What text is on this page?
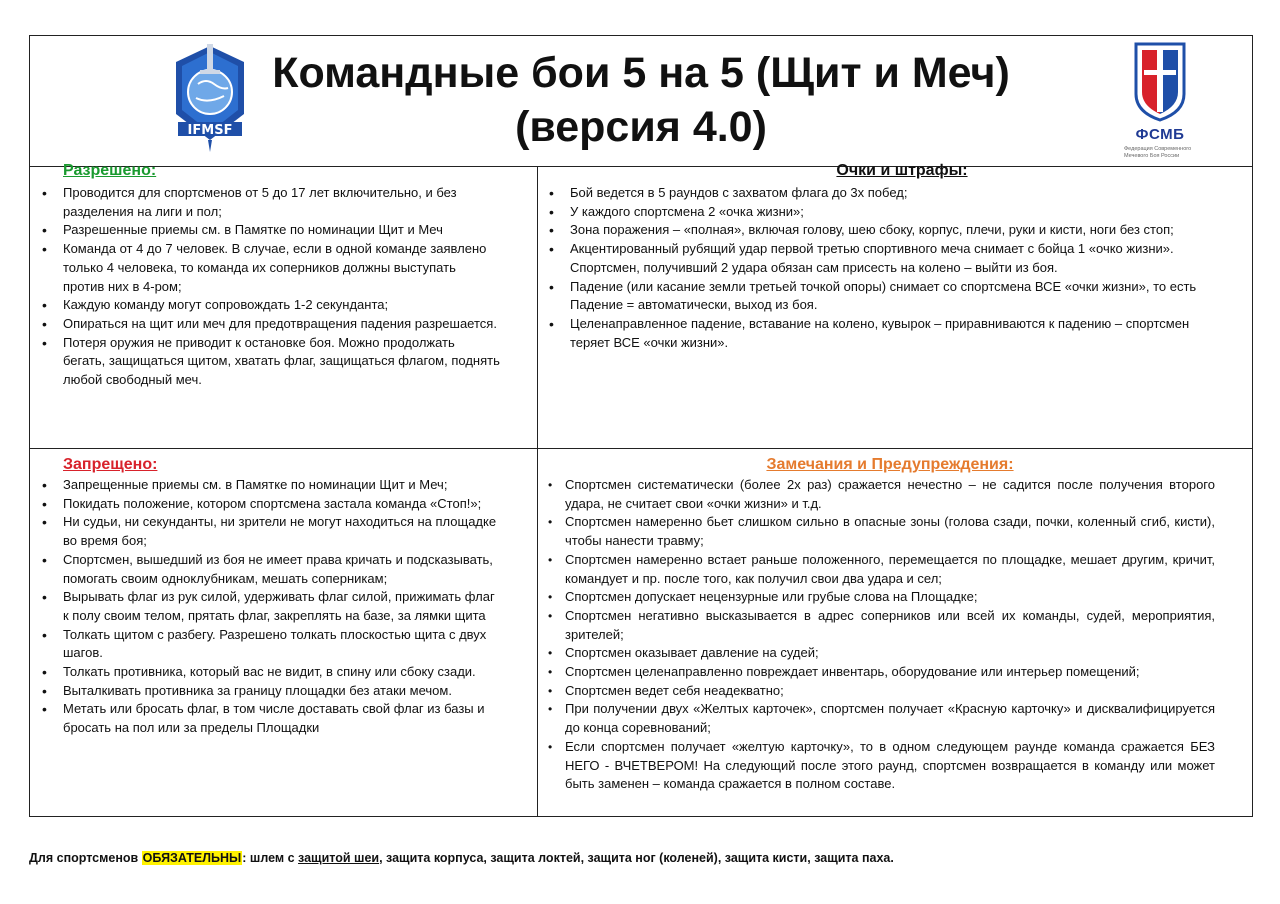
IFMSF
Командные бои 5 на 5 (Щит и Меч)
(версия 4.0)	ФСМБ
Федерация Современного Мечевого Боя России
Разрешено:
• Проводится для спортсменов от 5 до 17 лет включительно, и без разделения на лиги и пол;
• Разрешенные приемы см. в Памятке по номинации Щит и Меч
• Команда от 4 до 7 человек. В случае, если в одной команде заявлено только 4 человека, то команда их соперников должны выступать против них в 4-ром;
• Каждую команду могут сопровождать 1-2 секунданта;
• Опираться на щит или меч для предотвращения падения разрешается.
• Потеря оружия не приводит к остановке боя. Можно продолжать бегать, защищаться щитом, хватать флаг, защищаться флагом, поднять любой свободный меч.
Очки и штрафы:
• Бой ведется в 5 раундов с захватом флага до 3х побед;
• У каждого спортсмена 2 «очка жизни»;
• Зона поражения – «полная», включая голову, шею сбоку, корпус, плечи, руки и кисти, ноги без стоп;
• Акцентированный рубящий удар первой третью спортивного меча снимает с бойца 1 «очко жизни». Спортсмен, получивший 2 удара обязан сам присесть на колено – выйти из боя.
• Падение (или касание земли третьей точкой опоры) снимает со спортсмена ВСЕ «очки жизни», то есть Падение = автоматически, выход из боя.
• Целенаправленное падение, вставание на колено, кувырок – приравниваются к падению – спортсмен теряет ВСЕ «очки жизни».
Запрещено:
• Запрещенные приемы см. в Памятке по номинации Щит и Меч;
• Покидать положение, котором спортсмена застала команда «Стоп!»;
• Ни судьи, ни секунданты, ни зрители не могут находиться на площадке во время боя;
• Спортсмен, вышедший из боя не имеет права кричать и подсказывать, помогать своим одноклубникам, мешать соперникам;
• Вырывать флаг из рук силой, удерживать флаг силой, прижимать флаг к полу своим телом, прятать флаг, закреплять на базе, за лямки щита
• Толкать щитом с разбегу. Разрешено толкать плоскостью щита с двух шагов.
• Толкать противника, который вас не видит, в спину или сбоку сзади.
• Выталкивать противника за границу площадки без атаки мечом.
• Метать или бросать флаг, в том числе доставать свой флаг из базы и бросать на пол или за пределы Площадки
Замечания и Предупреждения:
• Спортсмен систематически (более 2х раз) сражается нечестно – не садится после получения второго удара, не считает свои «очки жизни» и т.д.
• Спортсмен намеренно бьет слишком сильно в опасные зоны (голова сзади, почки, коленный сгиб, кисти), чтобы нанести травму;
• Спортсмен намеренно встает раньше положенного, перемещается по площадке, мешает другим, кричит, командует и пр. после того, как получил свои два удара и сел;
• Спортсмен допускает нецензурные или грубые слова на Площадке;
• Спортсмен негативно высказывается в адрес соперников или всей их команды, судей, мероприятия, зрителей;
• Спортсмен оказывает давление на судей;
• Спортсмен целенаправленно повреждает инвентарь, оборудование или интерьер помещений;
• Спортсмен ведет себя неадекватно;
• При получении двух «Желтых карточек», спортсмен получает «Красную карточку» и дисквалифицируется до конца соревнований;
• Если спортсмен получает «желтую карточку», то в одном следующем раунде команда сражается БЕЗ НЕГО - ВЧЕТВЕРОМ! На следующий после этого раунд, спортсмен возвращается в команду или может быть заменен – команда сражается в полном составе.
Для спортсменов ОБЯЗАТЕЛЬНЫ: шлем с защитой шеи, защита корпуса, защита локтей, защита ног (коленей), защита кисти, защита паха.
